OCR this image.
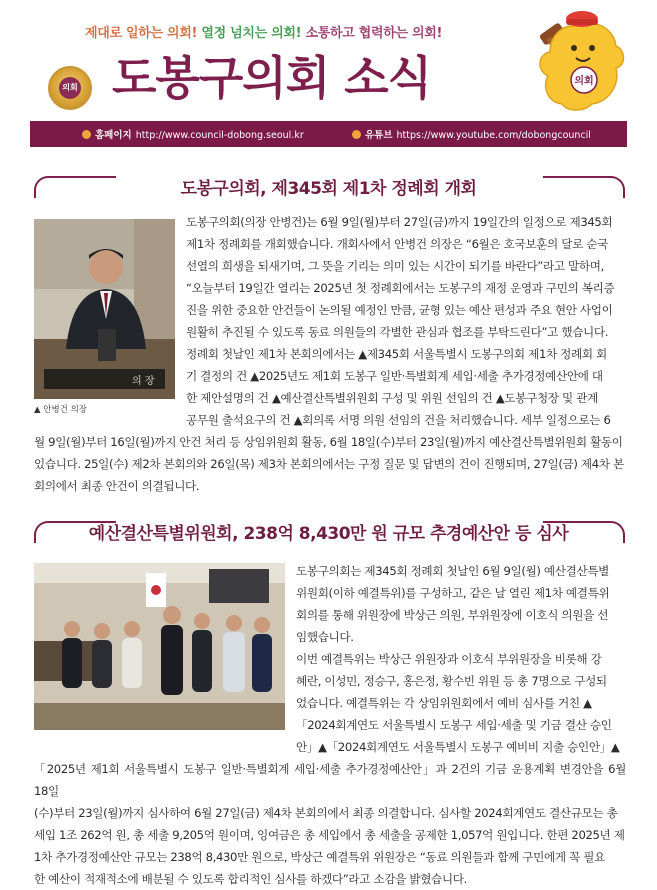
제대로 일하는 의회! 열정 넘치는 의회! 소통하고 협력하는 의회!
의회 도봉구의회 소식	의회
홈페이지 http://www.council-dobong.seoul.kr	유튜브 https://www.youtube.com/dobongcouncil
도봉구의회, 제345회 제1차 정례회 개회
의 장
▲ 안병건 의장
도봉구의회(의장 안병건)는 6월 9일(월)부터 27일(금)까지 19일간의 일정으로 제345회
제1차 정례회를 개회했습니다. 개회사에서 안병건 의장은 “6월은 호국보훈의 달로 순국
선열의 희생을 되새기며, 그 뜻을 기리는 의미 있는 시간이 되기를 바란다”라고 말하며,
“오늘부터 19일간 열리는 2025년 첫 정례회에서는 도봉구의 재정 운영과 구민의 복리증
진을 위한 중요한 안건들이 논의될 예정인 만큼, 균형 있는 예산 편성과 주요 현안 사업이
원활히 추진될 수 있도록 동료 의원들의 각별한 관심과 협조를 부탁드린다”고 했습니다.
정례회 첫날인 제1차 본회의에서는 ▲제345회 서울특별시 도봉구의회 제1차 정례회 회
기 결정의 건 ▲2025년도 제1회 도봉구 일반·특별회계 세입·세출 추가경정예산안에 대
한 제안설명의 건 ▲예산결산특별위원회 구성 및 위원 선임의 건 ▲도봉구청장 및 관계
공무원 출석요구의 건 ▲회의록 서명 의원 선임의 건을 처리했습니다. 세부 일정으로는 6
월 9일(월)부터 16일(월)까지 안건 처리 등 상임위원회 활동, 6월 18일(수)부터 23일(월)까지 예산결산특별위원회 활동이
있습니다. 25일(수) 제2차 본회의와 26일(목) 제3차 본회의에서는 구정 질문 및 답변의 건이 진행되며, 27일(금) 제4차 본
회의에서 최종 안건이 의결됩니다.
예산결산특별위원회, 238억 8,430만 원 규모 추경예산안 등 심사
도봉구의회는 제345회 정례회 첫날인 6월 9일(월) 예산결산특별
위원회(이하 예결특위)를 구성하고, 같은 날 열린 제1차 예결특위
회의를 통해 위원장에 박상근 의원, 부위원장에 이호식 의원을 선
임했습니다.
이번 예결특위는 박상근 위원장과 이호식 부위원장을 비롯해 강
혜란, 이성민, 정승구, 홍은정, 황수빈 위원 등 총 7명으로 구성되
었습니다. 예결특위는 각 상임위원회에서 예비 심사를 거친 ▲
「2024회계연도 서울특별시 도봉구 세입·세출 및 기금 결산 승인
안」▲「2024회계연도 서울특별시 도봉구 예비비 지출 승인안」▲
「2025년 제1회 서울특별시 도봉구 일반·특별회계 세입·세출 추가경정예산안」과 2건의 기금 운용계획 변경안을 6월 18일
(수)부터 23일(월)까지 심사하여 6월 27일(금) 제4차 본회의에서 최종 의결합니다. 심사할 2024회계연도 결산규모는 총
세입 1조 262억 원, 총 세출 9,205억 원이며, 잉여금은 총 세입에서 총 세출을 공제한 1,057억 원입니다. 한편 2025년 제
1차 추가경정예산안 규모는 238억 8,430만 원으로, 박상근 예결특위 위원장은 “동료 의원들과 함께 구민에게 꼭 필요
한 예산이 적재적소에 배분될 수 있도록 합리적인 심사를 하겠다”라고 소감을 밝혔습니다.
